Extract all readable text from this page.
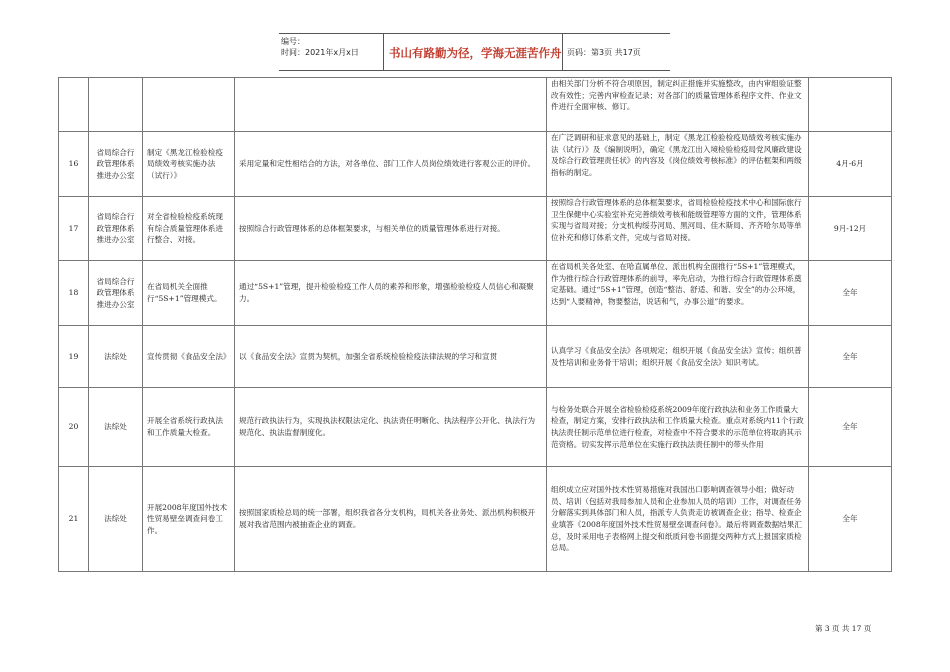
编号：
时间：2021年x月x日	书山有路勤为径，学海无涯苦作舟 页码：第3页 共17页
				由相关部门分析不符合项原因，制定纠正措施并实施整改，由内审组验证整改有效性；完善内审检查记录；对各部门的质量管理体系程序文件、作业文件进行全面审核、修订。	
16	省局综合行政管理体系推进办公室	制定《黑龙江检验检疫局绩效考核实施办法（试行）》	采用定量和定性相结合的方法，对各单位、部门工作人员岗位绩效进行客观公正的评价。	在广泛调研和征求意见的基础上，制定《黑龙江检验检疫局绩效考核实施办法（试行）》及《编制说明》，确定《黑龙江出入境检验检疫局党风廉政建设及综合行政管理责任状》的内容及《岗位绩效考核标准》的评估框架和两级指标的制定。	4月-6月
17	省局综合行政管理体系推进办公室	对全省检验检疫系统现有综合质量管理体系进行整合、对接。	按照综合行政管理体系的总体框架要求，与相关单位的质量管理体系进行对接。	按照综合行政管理体系的总体框架要求，省局检验检疫技术中心和国际旅行卫生保健中心实验室补充完善绩效考核和能级管理等方面的文件，管理体系实现与省局对接；分支机构绥芬河局、黑河局、佳木斯局、齐齐哈尔局等单位补充和修订体系文件，完成与省局对接。	9月-12月
18	省局综合行政管理体系 推进办公室	在省局机关全面推行“5S+1”管理模式。	通过“5S+1”管理，提升检验检疫工作人员的素养和形象，增强检验检疫人员信心和凝聚力。	在省局机关各处室、在哈直属单位、派出机构全面推行“5S+1”管理模式，作为推行综合行政管理体系的前导，率先启动，为推行综合行政管理体系奠定基础。通过“5S+1”管理，创造“整洁、舒适、和谐、安全”的办公环境，达到“人要精神，物要整洁，说话和气，办事公道”的要求。	全年
19	法综处	宣传贯彻《食品安全法》	以《食品安全法》宣贯为契机，加强全省系统检验检疫法律法规的学习和宣贯	认真学习《食品安全法》各项规定；组织开展《食品安全法》宣传；组织普及性培训和业务骨干培训；组织开展《食品安全法》知识考试。	全年
20	法综处	开展全省系统行政执法和工作质量大检查。	规范行政执法行为，实现执法权限法定化、执法责任明晰化、执法程序公开化、执法行为规范化、执法监督制度化。	与检务处联合开展全省检验检疫系统2009年度行政执法和业务工作质量大检查，制定方案，安排行政执法和工作质量大检查。重点对系统内11个行政执法责任制示范单位进行检查，对检查中不符合要求的示范单位将取消其示范资格。切实发挥示范单位在实施行政执法责任制中的带头作用	全年
21	法综处	开展2008年度国外技术性贸易壁垒调查问卷工作。	按照国家质检总局的统一部署，组织我省各分支机构，局机关各业务处、派出机构积极开展对我省范围内被抽查企业的调查。	组织成立应对国外技术性贸易措施对我国出口影响调查领导小组；做好动员、培训（包括对我局参加人员和企业参加人员的培训）工作，对调查任务分解落实到具体部门和人员，指派专人负责走访被调查企业；指导、检查企业填答《2008年度国外技术性贸易壁垒调查问卷》。最后将调查数据结果汇总，及时采用电子表格网上提交和纸质问卷书面提交两种方式上报国家质检总局。	全年
第 3 页 共 17 页
